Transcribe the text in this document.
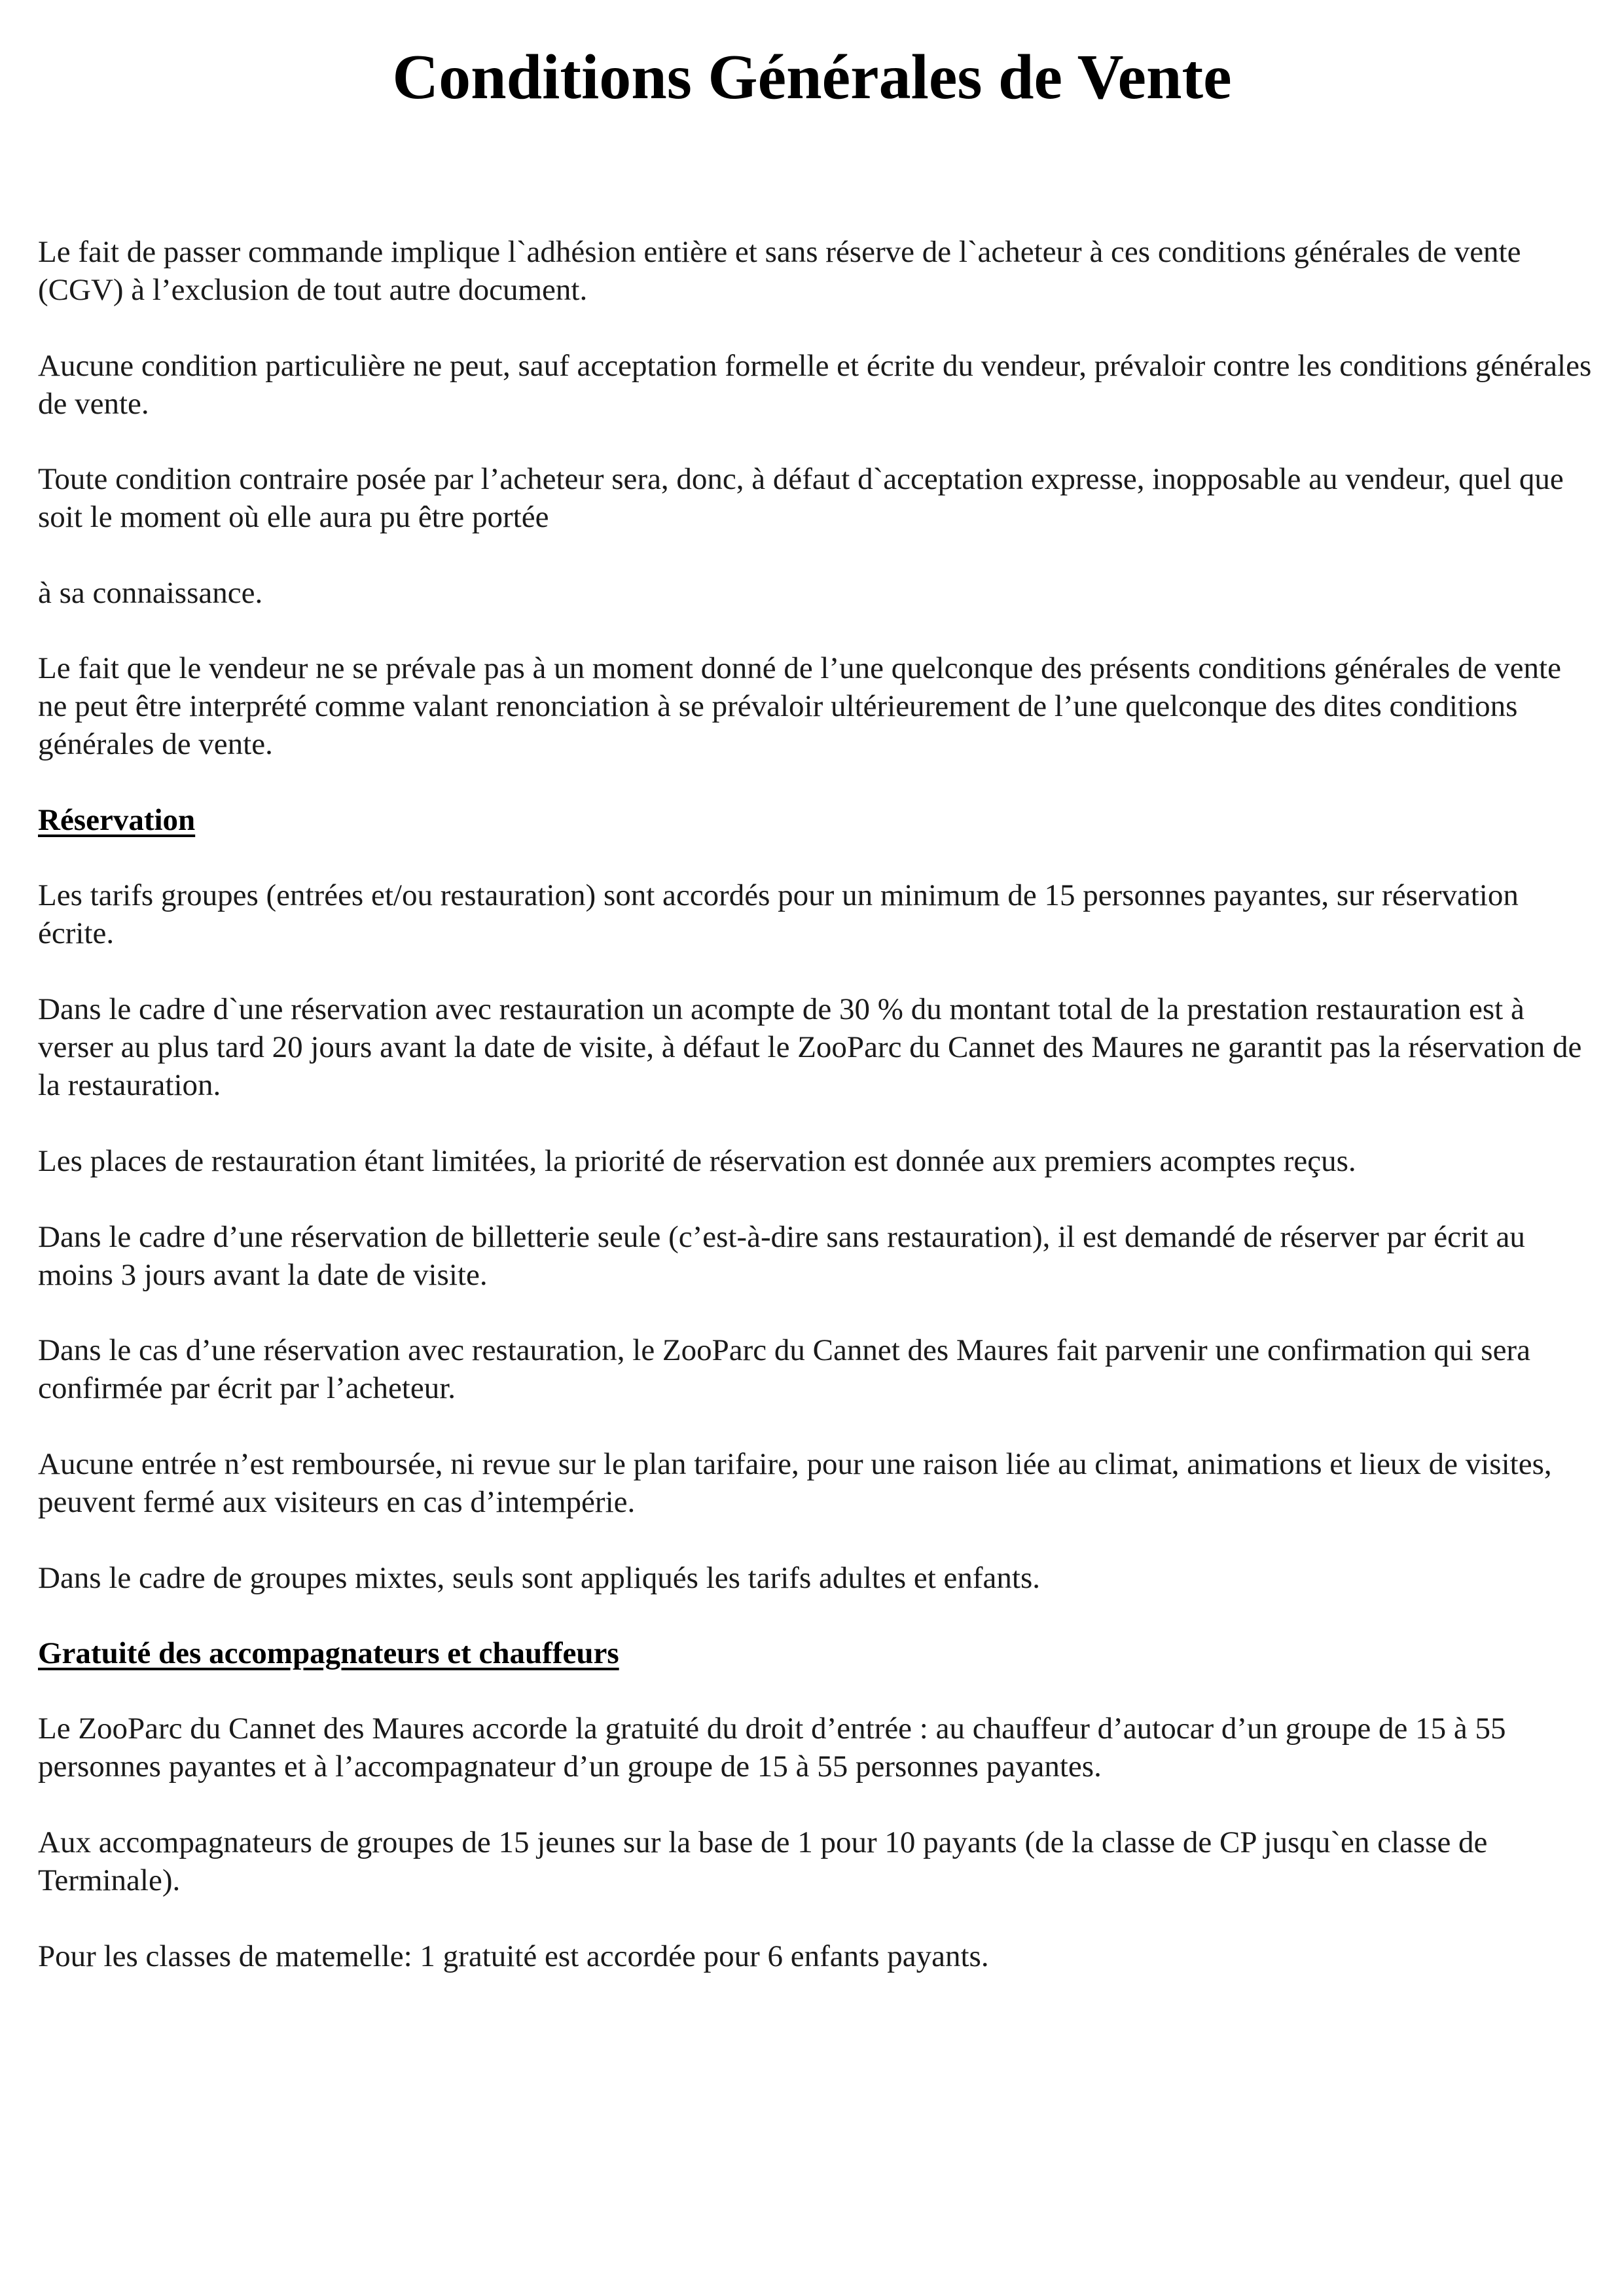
Conditions Générales de Vente

Le fait de passer commande implique l`adhésion entière et sans réserve de l`acheteur à ces conditions générales de vente (CGV) à l’exclusion de tout autre document.

Aucune condition particulière ne peut, sauf acceptation formelle et écrite du vendeur, prévaloir contre les conditions générales de vente.

Toute condition contraire posée par l’acheteur sera, donc, à défaut d`acceptation expresse, inopposable au vendeur, quel que soit le moment où elle aura pu être portée

à sa connaissance.

Le fait que le vendeur ne se prévale pas à un moment donné de l’une quelconque des présents conditions générales de vente ne peut être interprété comme valant renonciation à se prévaloir ultérieurement de l’une quelconque des dites conditions générales de vente.

Réservation

Les tarifs groupes (entrées et/ou restauration) sont accordés pour un minimum de 15 personnes payantes, sur réservation écrite.

Dans le cadre d`une réservation avec restauration un acompte de 30 % du montant total de la prestation restauration est à verser au plus tard 20 jours avant la date de visite, à défaut le ZooParc du Cannet des Maures ne garantit pas la réservation de la restauration.

Les places de restauration étant limitées, la priorité de réservation est donnée aux premiers acomptes reçus.

Dans le cadre d’une réservation de billetterie seule (c’est-à-dire sans restauration), il est demandé de réserver par écrit au moins 3 jours avant la date de visite.

Dans le cas d’une réservation avec restauration, le ZooParc du Cannet des Maures fait parvenir une confirmation qui sera confirmée par écrit par l’acheteur.

Aucune entrée n’est remboursée, ni revue sur le plan tarifaire, pour une raison liée au climat, animations et lieux de visites, peuvent fermé aux visiteurs en cas d’intempérie.

Dans le cadre de groupes mixtes, seuls sont appliqués les tarifs adultes et enfants.

Gratuité des accompagnateurs et chauffeurs

Le ZooParc du Cannet des Maures accorde la gratuité du droit d’entrée : au chauffeur d’autocar d’un groupe de 15 à 55 personnes payantes et à l’accompagnateur d’un groupe de 15 à 55 personnes payantes.

Aux accompagnateurs de groupes de 15 jeunes sur la base de 1 pour 10 payants (de la classe de CP jusqu`en classe de Terminale).

Pour les classes de matemelle: 1 gratuité est accordée pour 6 enfants payants.
